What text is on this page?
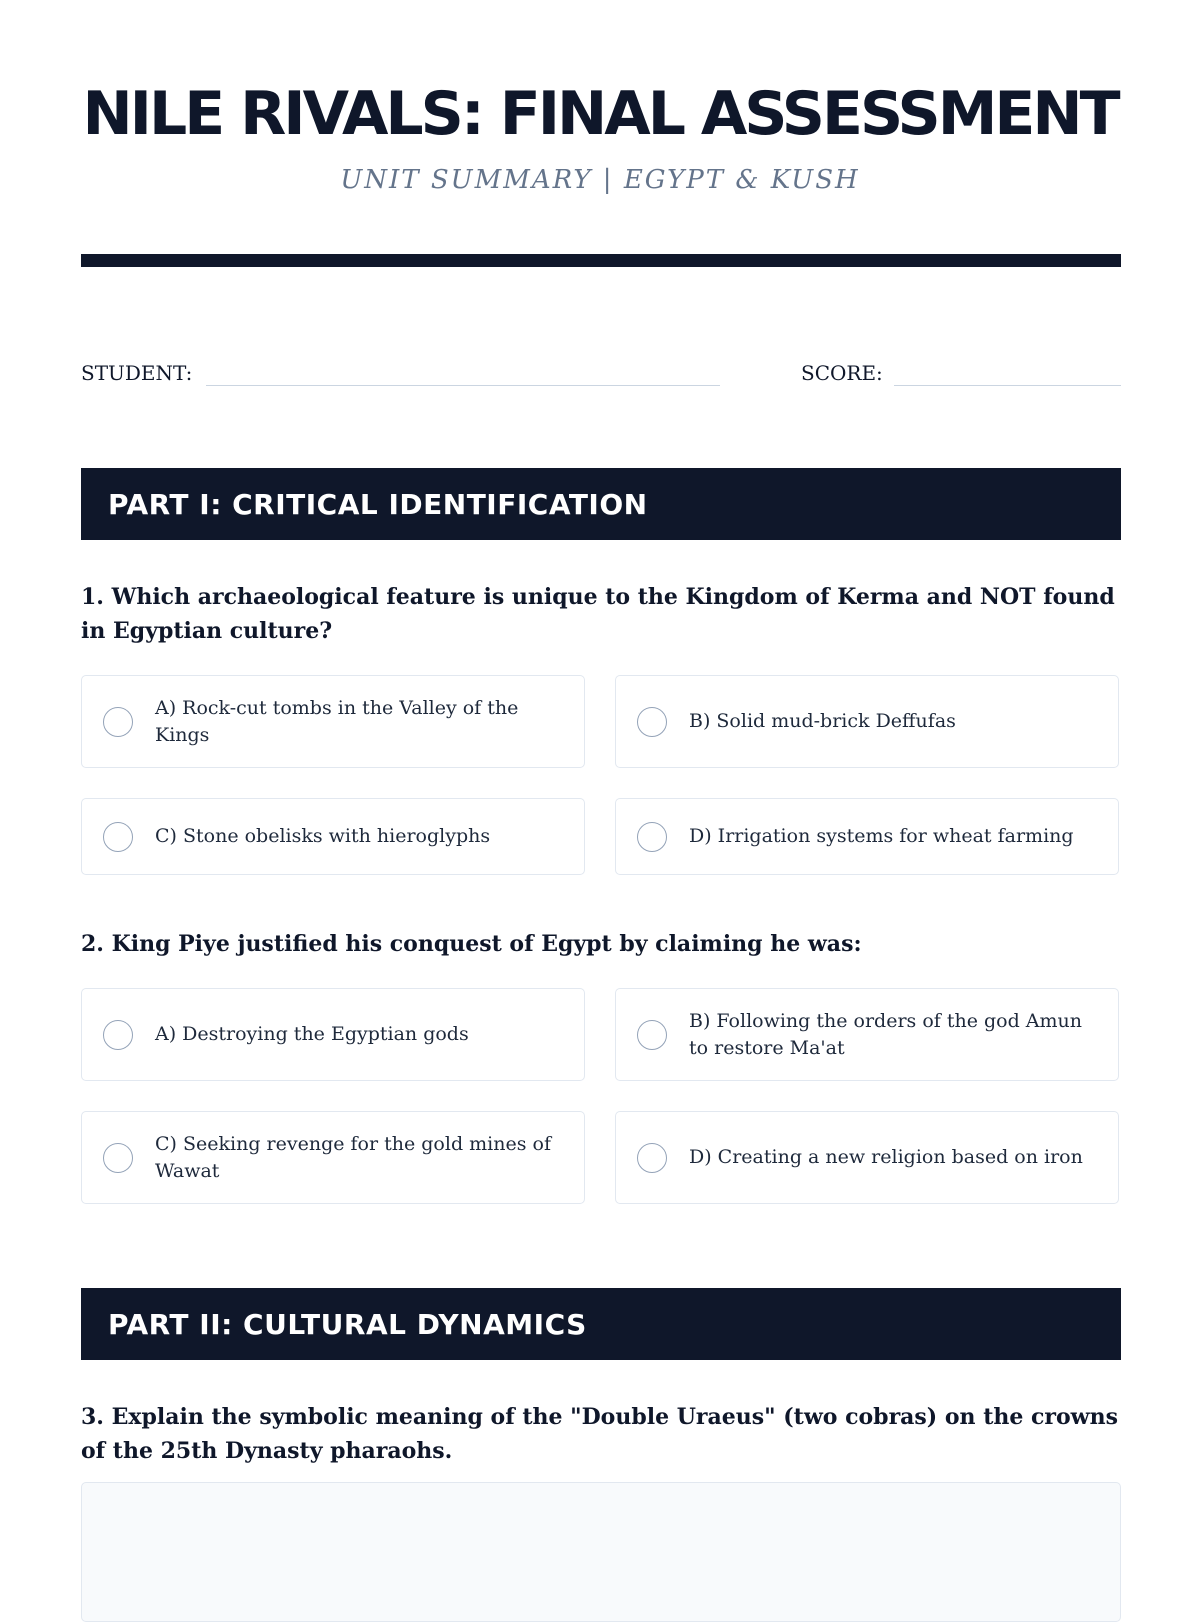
NILE RIVALS: FINAL ASSESSMENT
UNIT SUMMARY | EGYPT & KUSH
STUDENT:	SCORE:
PART I: CRITICAL IDENTIFICATION
1. Which archaeological feature is unique to the Kingdom of Kerma and NOT found in Egyptian culture?
A) Rock-cut tombs in the Valley of the Kings
B) Solid mud-brick Deffufas
C) Stone obelisks with hieroglyphs	D) Irrigation systems for wheat farming
2. King Piye justified his conquest of Egypt by claiming he was:
A) Destroying the Egyptian gods
B) Following the orders of the god Amun to restore Ma'at
C) Seeking revenge for the gold mines of Wawat
D) Creating a new religion based on iron
PART II: CULTURAL DYNAMICS
3. Explain the symbolic meaning of the "Double Uraeus" (two cobras) on the crowns of the 25th Dynasty pharaohs.
